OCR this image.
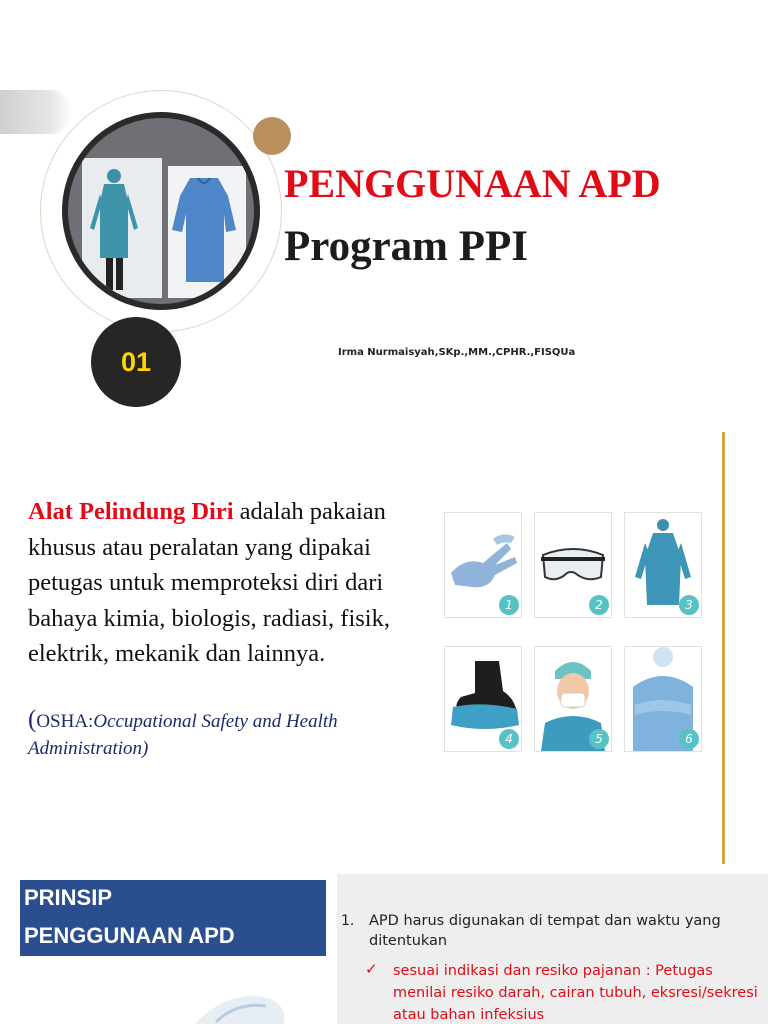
01
PENGGUNAAN APD
Program PPI
Irma Nurmaisyah,SKp.,MM.,CPHR.,FISQUa
Alat Pelindung Diri adalah pakaian khusus atau peralatan yang dipakai petugas untuk memproteksi diri dari bahaya kimia, biologis, radiasi, fisik, elektrik, mekanik dan lainnya.
(OSHA:Occupational Safety and Health Administration)
1	2	3
4	5	6
PRINSIP
PENGGUNAAN APD
1. APD harus digunakan di tempat dan waktu yang ditentukan
✓ sesuai indikasi dan resiko pajanan : Petugas menilai resiko darah, cairan tubuh, eksresi/sekresi atau bahan infeksius
